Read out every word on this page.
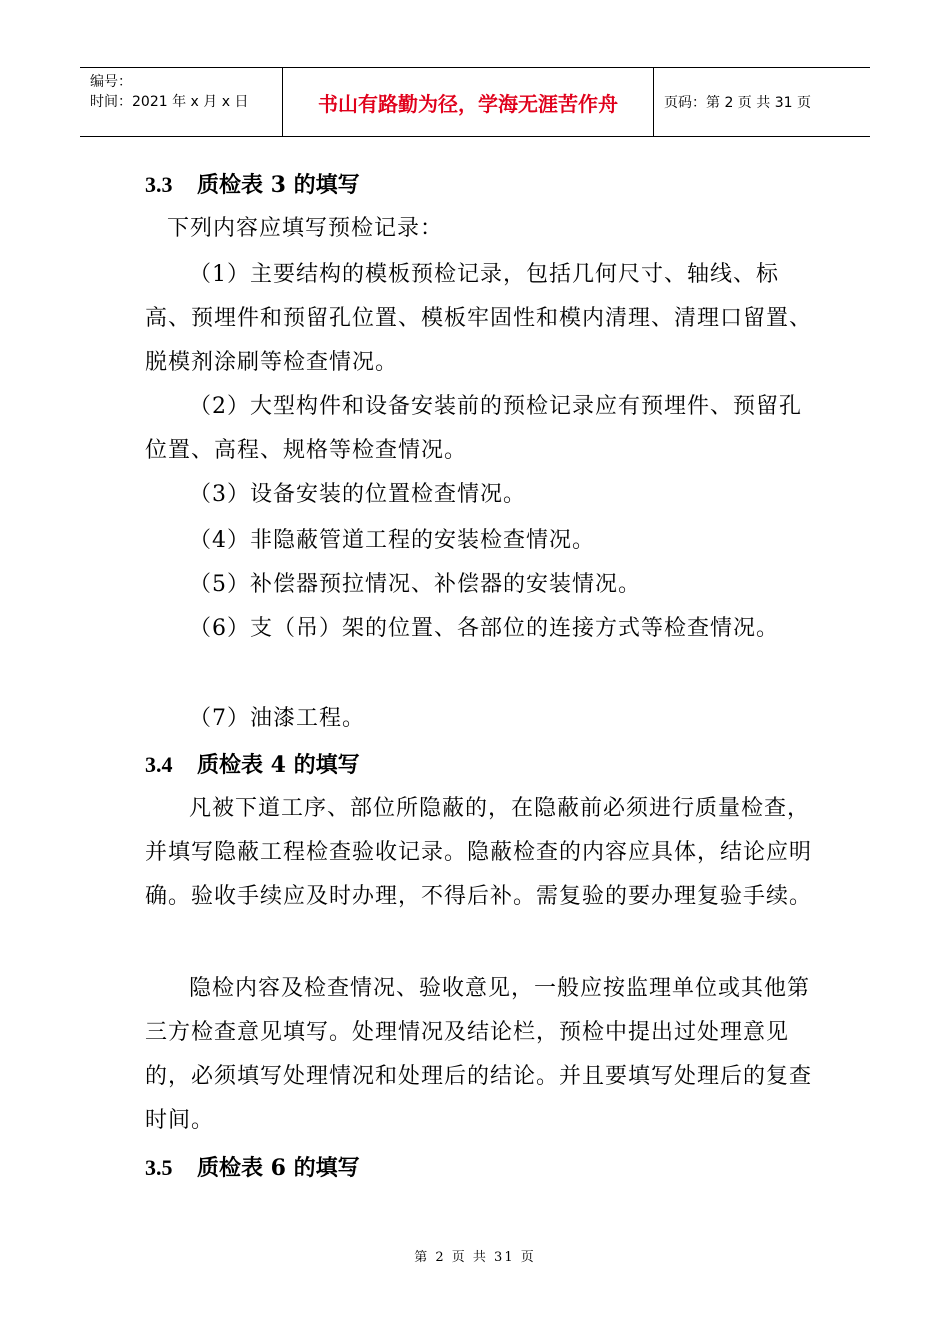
编号：
时间：2021 年 x 月 x 日	书山有路勤为径，学海无涯苦作舟	页码：第 2 页 共 31 页
3.3 质检表 3 的填写

下列内容应填写预检记录：

（1）主要结构的模板预检记录，包括几何尺寸、轴线、标高、预埋件和预留孔位置、模板牢固性和模内清理、清理口留置、脱模剂涂刷等检查情况。

（2）大型构件和设备安装前的预检记录应有预埋件、预留孔位置、高程、规格等检查情况。

（3）设备安装的位置检查情况。

（4）非隐蔽管道工程的安装检查情况。

（5）补偿器预拉情况、补偿器的安装情况。

（6）支（吊）架的位置、各部位的连接方式等检查情况。

（7）油漆工程。

3.4 质检表 4 的填写

凡被下道工序、部位所隐蔽的，在隐蔽前必须进行质量检查，并填写隐蔽工程检查验收记录。隐蔽检查的内容应具体，结论应明确。验收手续应及时办理，不得后补。需复验的要办理复验手续。

隐检内容及检查情况、验收意见，一般应按监理单位或其他第三方检查意见填写。处理情况及结论栏，预检中提出过处理意见的，必须填写处理情况和处理后的结论。并且要填写处理后的复查时间。

3.5 质检表 6 的填写
第 2 页 共 31 页
